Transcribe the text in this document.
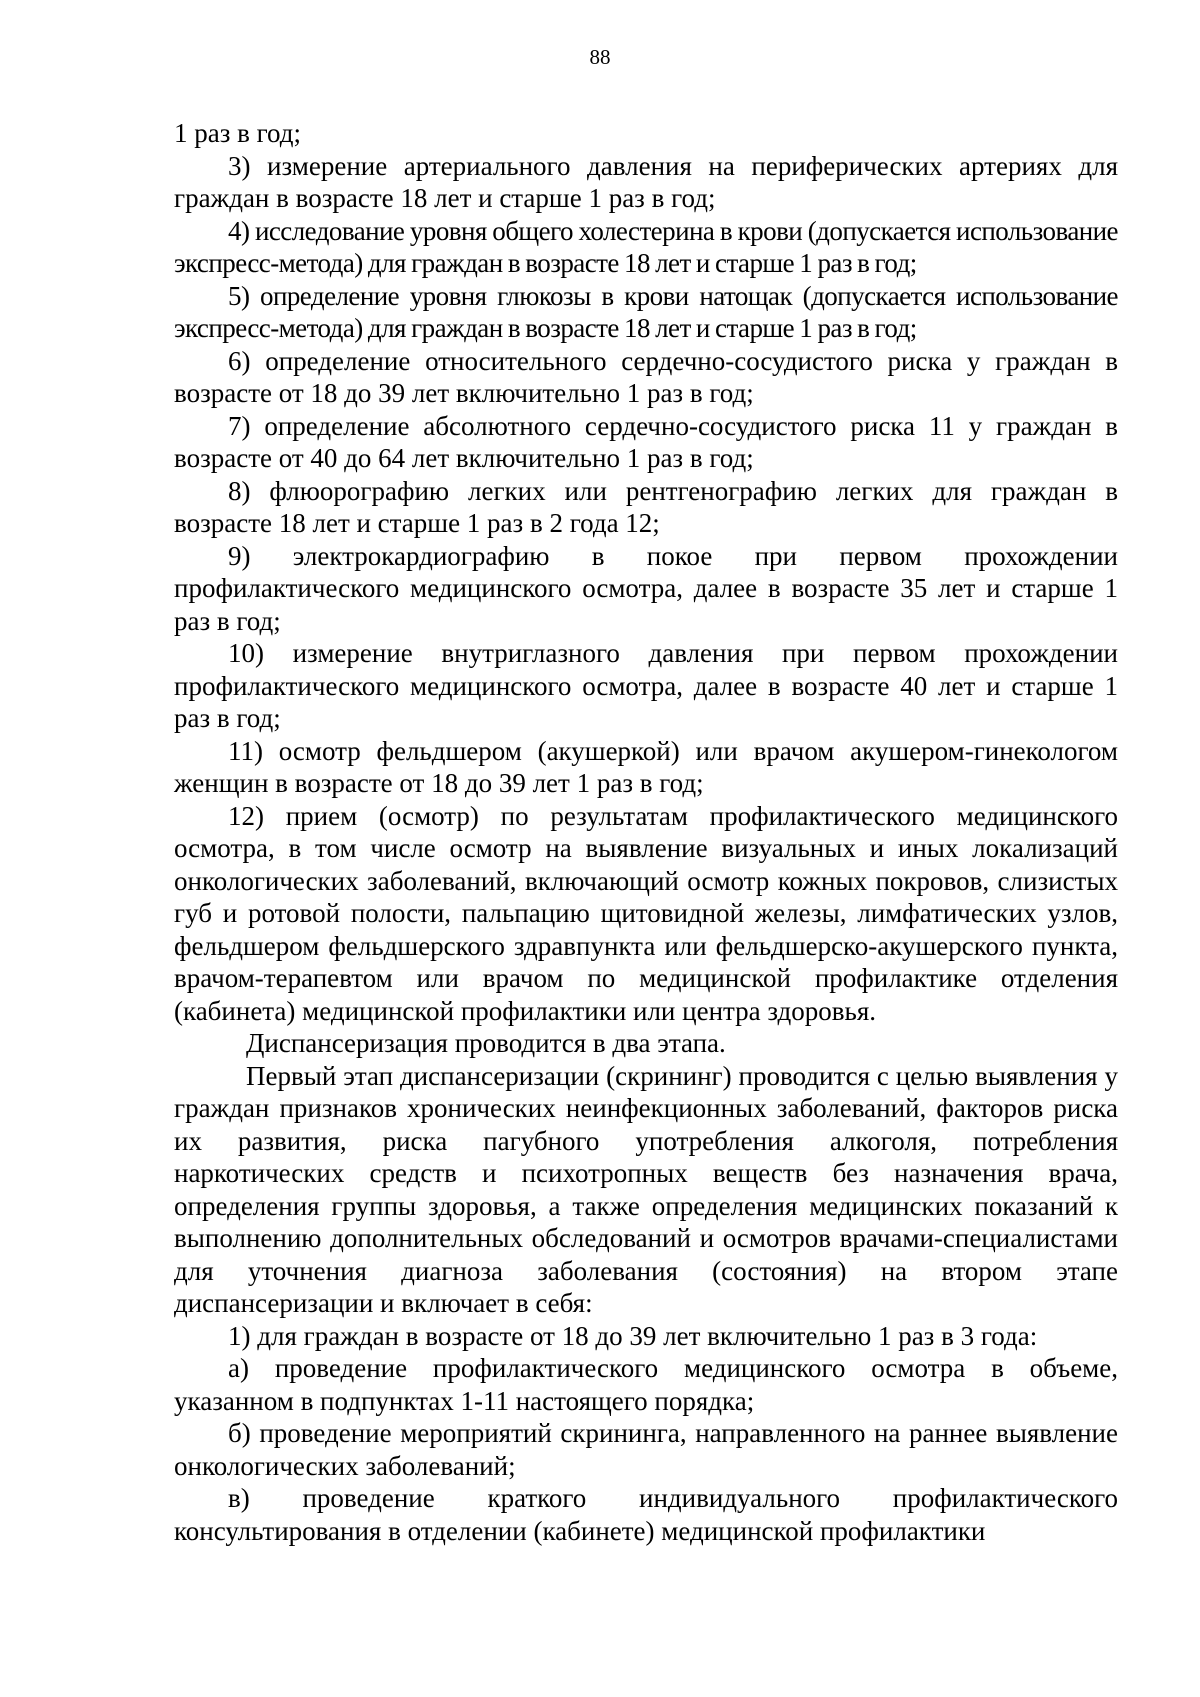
88

1 раз в год;

3) измерение артериального давления на периферических артериях для граждан в возрасте 18 лет и старше 1 раз в год;

4) исследование уровня общего холестерина в крови (допускается использование экспресс-метода) для граждан в возрасте 18 лет и старше 1 раз в год;

5) определение уровня глюкозы в крови натощак (допускается использование экспресс-метода) для граждан в возрасте 18 лет и старше 1 раз в год;

6) определение относительного сердечно-сосудистого риска у граждан в возрасте от 18 до 39 лет включительно 1 раз в год;

7) определение абсолютного сердечно-сосудистого риска 11 у граждан в возрасте от 40 до 64 лет включительно 1 раз в год;

8) флюорографию легких или рентгенографию легких для граждан в возрасте 18 лет и старше 1 раз в 2 года 12;

9) электрокардиографию в покое при первом прохождении профилактического медицинского осмотра, далее в возрасте 35 лет и старше 1 раз в год;

10) измерение внутриглазного давления при первом прохождении профилактического медицинского осмотра, далее в возрасте 40 лет и старше 1 раз в год;

11) осмотр фельдшером (акушеркой) или врачом акушером-гинекологом женщин в возрасте от 18 до 39 лет 1 раз в год;

12) прием (осмотр) по результатам профилактического медицинского осмотра, в том числе осмотр на выявление визуальных и иных локализаций онкологических заболеваний, включающий осмотр кожных покровов, слизистых губ и ротовой полости, пальпацию щитовидной железы, лимфатических узлов, фельдшером фельдшерского здравпункта или фельдшерско-акушерского пункта, врачом-терапевтом или врачом по медицинской профилактике отделения (кабинета) медицинской профилактики или центра здоровья.

Диспансеризация проводится в два этапа.

Первый этап диспансеризации (скрининг) проводится с целью выявления у граждан признаков хронических неинфекционных заболеваний, факторов риска их развития, риска пагубного употребления алкоголя, потребления наркотических средств и психотропных веществ без назначения врача, определения группы здоровья, а также определения медицинских показаний к выполнению дополнительных обследований и осмотров врачами-специалистами для уточнения диагноза заболевания (состояния) на втором этапе диспансеризации и включает в себя:

1) для граждан в возрасте от 18 до 39 лет включительно 1 раз в 3 года:

а) проведение профилактического медицинского осмотра в объеме, указанном в подпунктах 1-11 настоящего порядка;

б) проведение мероприятий скрининга, направленного на раннее выявление онкологических заболеваний;

в) проведение краткого индивидуального профилактического консультирования в отделении (кабинете) медицинской профилактики
